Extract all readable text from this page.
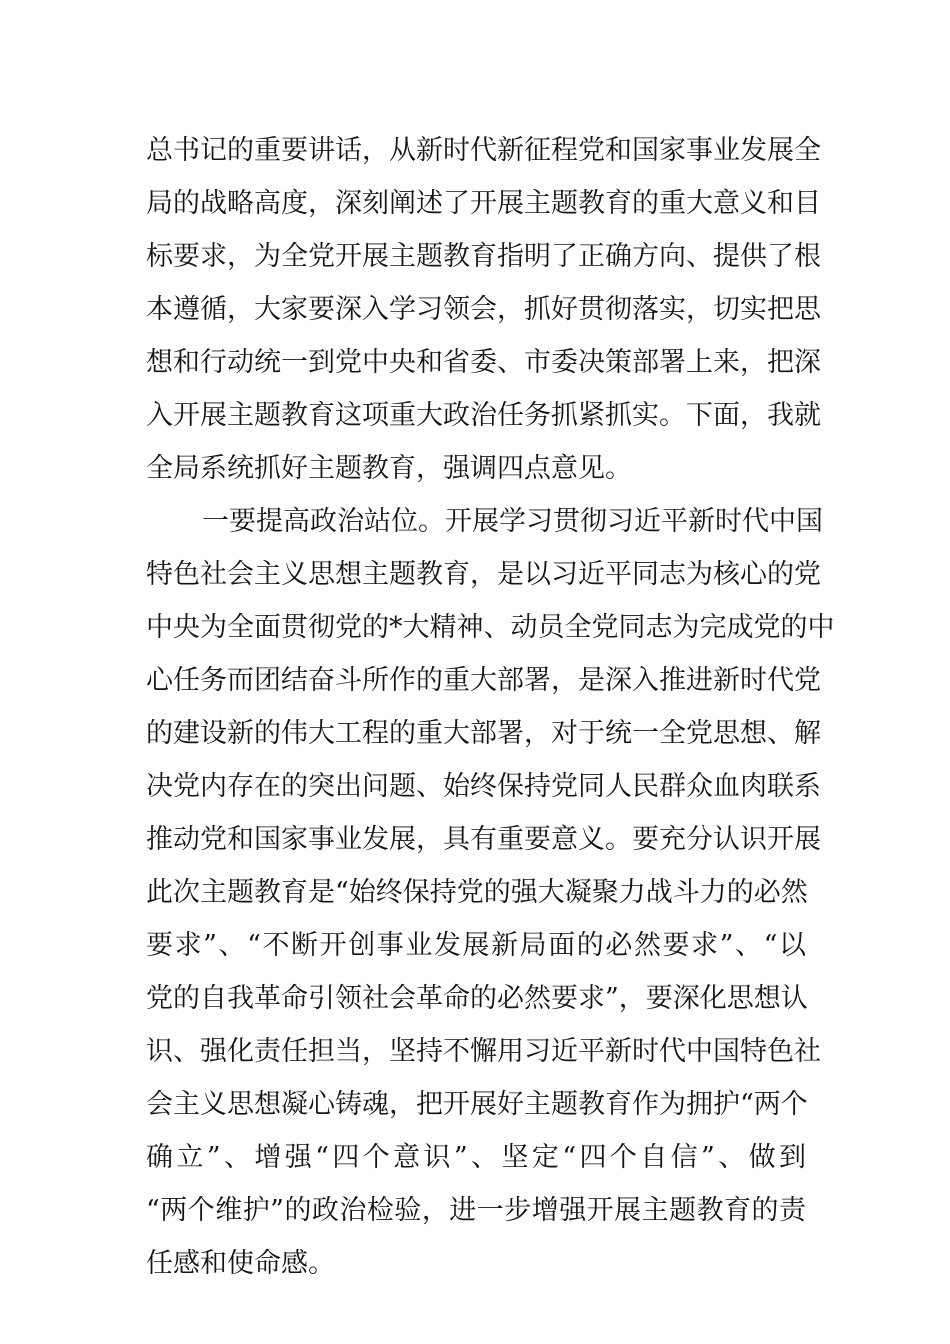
总书记的重要讲话，从新时代新征程党和国家事业发展全
局的战略高度，深刻阐述了开展主题教育的重大意义和目
标要求，为全党开展主题教育指明了正确方向、提供了根
本遵循，大家要深入学习领会，抓好贯彻落实，切实把思
想和行动统一到党中央和省委、市委决策部署上来，把深
入开展主题教育这项重大政治任务抓紧抓实。下面，我就
全局系统抓好主题教育，强调四点意见。
一要提高政治站位。开展学习贯彻习近平新时代中国
特色社会主义思想主题教育，是以习近平同志为核心的党
中央为全面贯彻党的*大精神、动员全党同志为完成党的中
心任务而团结奋斗所作的重大部署，是深入推进新时代党
的建设新的伟大工程的重大部署，对于统一全党思想、解
决党内存在的突出问题、始终保持党同人民群众血肉联系
推动党和国家事业发展，具有重要意义。要充分认识开展
此次主题教育是“始终保持党的强大凝聚力战斗力的必然
要求”、“不断开创事业发展新局面的必然要求”、“以
党的自我革命引领社会革命的必然要求”，要深化思想认
识、强化责任担当，坚持不懈用习近平新时代中国特色社
会主义思想凝心铸魂，把开展好主题教育作为拥护“两个
确立”、增强“四个意识”、坚定“四个自信”、做到
“两个维护”的政治检验，进一步增强开展主题教育的责
任感和使命感。
